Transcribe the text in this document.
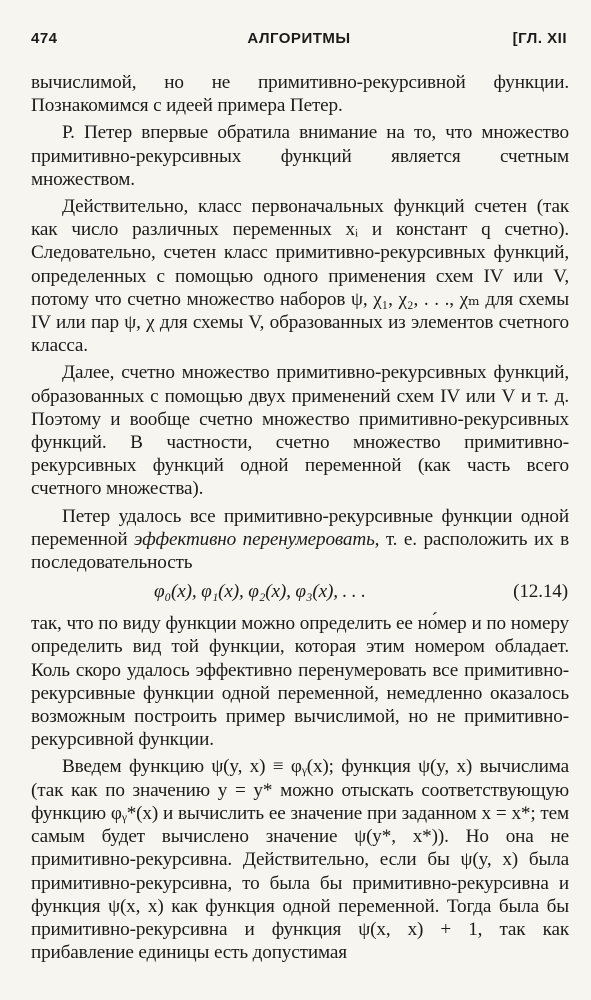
474	АЛГОРИТМЫ	[ГЛ. XII

вычислимой, но не примитивно-рекурсивной функции. Познакомимся с идеей примера Петер.

Р. Петер впервые обратила внимание на то, что множество примитивно-рекурсивных функций является счетным множеством.

Действительно, класс первоначальных функций счетен (так как число различных переменных xᵢ и констант q счетно). Следовательно, счетен класс примитивно-рекурсивных функций, определенных с помощью одного применения схем IV или V, потому что счетно множество наборов ψ, χ₁, χ₂, . . ., χₘ для схемы IV или пар ψ, χ для схемы V, образованных из элементов счетного класса.

Далее, счетно множество примитивно-рекурсивных функций, образованных с помощью двух применений схем IV или V и т. д. Поэтому и вообще счетно множество примитивно-рекурсивных функций. В частности, счетно множество примитивно-рекурсивных функций одной переменной (как часть всего счетного множества).

Петер удалось все примитивно-рекурсивные функции одной переменной эффективно перенумеровать, т. е. расположить их в последовательность

φ₀(x), φ₁(x), φ₂(x), φ₃(x), . . .	(12.14)

так, что по виду функции можно определить ее но́мер и по номеру определить вид той функции, которая этим номером обладает. Коль скоро удалось эффективно перенумеровать все примитивно-рекурсивные функции одной переменной, немедленно оказалось возможным построить пример вычислимой, но не примитивно-рекурсивной функции.

Введем функцию ψ(y, x) ≡ φᵧ(x); функция ψ(y, x) вычислима (так как по значению y = y* можно отыскать соответствующую функцию φᵧ*(x) и вычислить ее значение при заданном x = x*; тем самым будет вычислено значение ψ(y*, x*)). Но она не примитивно-рекурсивна. Действительно, если бы ψ(y, x) была примитивно-рекурсивна, то была бы примитивно-рекурсивна и функция ψ(x, x) как функция одной переменной. Тогда была бы примитивно-рекурсивна и функция ψ(x, x) + 1, так как прибавление единицы есть допустимая
